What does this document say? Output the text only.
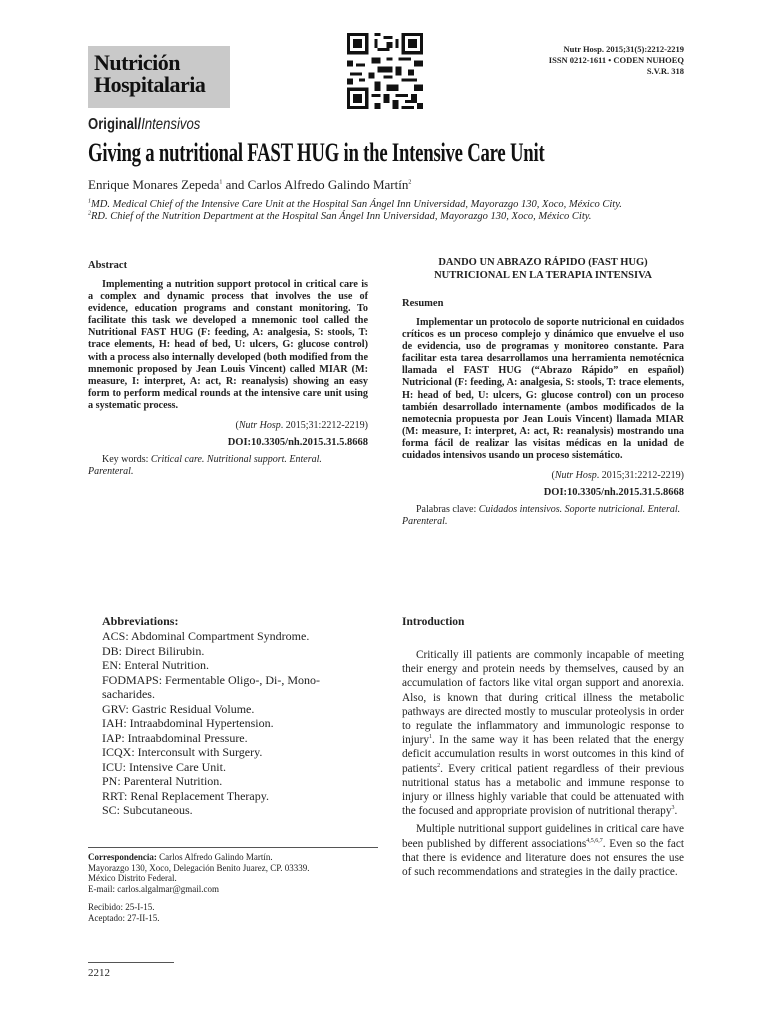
Nutrición
Hospitalaria
Nutr Hosp. 2015;31(5):2212-2219
ISSN 0212-1611 • CODEN NUHOEQ
S.V.R. 318
Original/Intensivos
Giving a nutritional FAST HUG in the Intensive Care Unit
Enrique Monares Zepeda$^1$ and Carlos Alfredo Galindo Martín$^2$
$^1$MD. Medical Chief of the Intensive Care Unit at the Hospital San Ángel Inn Universidad, Mayorazgo 130, Xoco, México City.
$^2$RD. Chief of the Nutrition Department at the Hospital San Ángel Inn Universidad, Mayorazgo 130, Xoco, México City.
Abstract

Implementing a nutrition support protocol in critical care is a complex and dynamic process that involves the use of evidence, education programs and constant monitoring. To facilitate this task we developed a mnemonic tool called the Nutritional FAST HUG (F: feeding, A: analgesia, S: stools, T: trace elements, H: head of bed, U: ulcers, G: glucose control) with a process also internally developed (both modified from the mnemonic proposed by Jean Louis Vincent) called MIAR (M: measure, I: interpret, A: act, R: reanalysis) showing an easy form to perform medical rounds at the intensive care unit using a systematic process.

(Nutr Hosp. 2015;31:2212-2219)
DOI:10.3305/nh.2015.31.5.8668
Key words: Critical care. Nutritional support. Enteral. Parenteral.
DANDO UN ABRAZO RÁPIDO (FAST HUG)
NUTRICIONAL EN LA TERAPIA INTENSIVA
Resumen

Implementar un protocolo de soporte nutricional en cuidados críticos es un proceso complejo y dinámico que envuelve el uso de evidencia, uso de programas y monitoreo constante. Para facilitar esta tarea desarrollamos una herramienta nemotécnica llamada el FAST HUG (“Abrazo Rápido” en español) Nutricional (F: feeding, A: analgesia, S: stools, T: trace elements, H: head of bed, U: ulcers, G: glucose control) con un proceso también desarrollado internamente (ambos modificados de la nemotecnia propuesta por Jean Louis Vincent) llamada MIAR (M: measure, I: interpret, A: act, R: reanalysis) mostrando una forma fácil de realizar las visitas médicas en la unidad de cuidados intensivos usando un proceso sistemático.

(Nutr Hosp. 2015;31:2212-2219)
DOI:10.3305/nh.2015.31.5.8668
Palabras clave: Cuidados intensivos. Soporte nutricional. Enteral. Parenteral.
Abbreviations:
ACS: Abdominal Compartment Syndrome.
DB: Direct Bilirubin.
EN: Enteral Nutrition.
FODMAPS: Fermentable Oligo-, Di-, Mono-sacharides.
GRV: Gastric Residual Volume.
IAH: Intraabdominal Hypertension.
IAP: Intraabdominal Pressure.
ICQX: Interconsult with Surgery.
ICU: Intensive Care Unit.
PN: Parenteral Nutrition.
RRT: Renal Replacement Therapy.
SC: Subcutaneous.
Introduction

Critically ill patients are commonly incapable of meeting their energy and protein needs by themselves, caused by an accumulation of factors like vital organ support and anorexia. Also, is known that during critical illness the metabolic pathways are directed mostly to muscular proteolysis in order to regulate the inflammatory and immunologic response to injury$^1$. In the same way it has been related that the energy deficit accumulation results in worst outcomes in this kind of patients$^2$. Every critical patient regardless of their previous nutritional status has a metabolic and immune response to injury or illness highly variable that could be attenuated with the focused and appropriate provision of nutritional therapy$^3$.

Multiple nutritional support guidelines in critical care have been published by different associations$^{4,5,6,7}$. Even so the fact that there is evidence and literature does not ensures the use of such recommendations and strategies in the daily practice.

Correspondencia: Carlos Alfredo Galindo Martín.
Mayorazgo 130, Xoco, Delegación Benito Juarez, CP. 03339.
México Distrito Federal.
E-mail: carlos.algalmar@gmail.com
Recibido: 25-I-15.
Aceptado: 27-II-15.
2212
